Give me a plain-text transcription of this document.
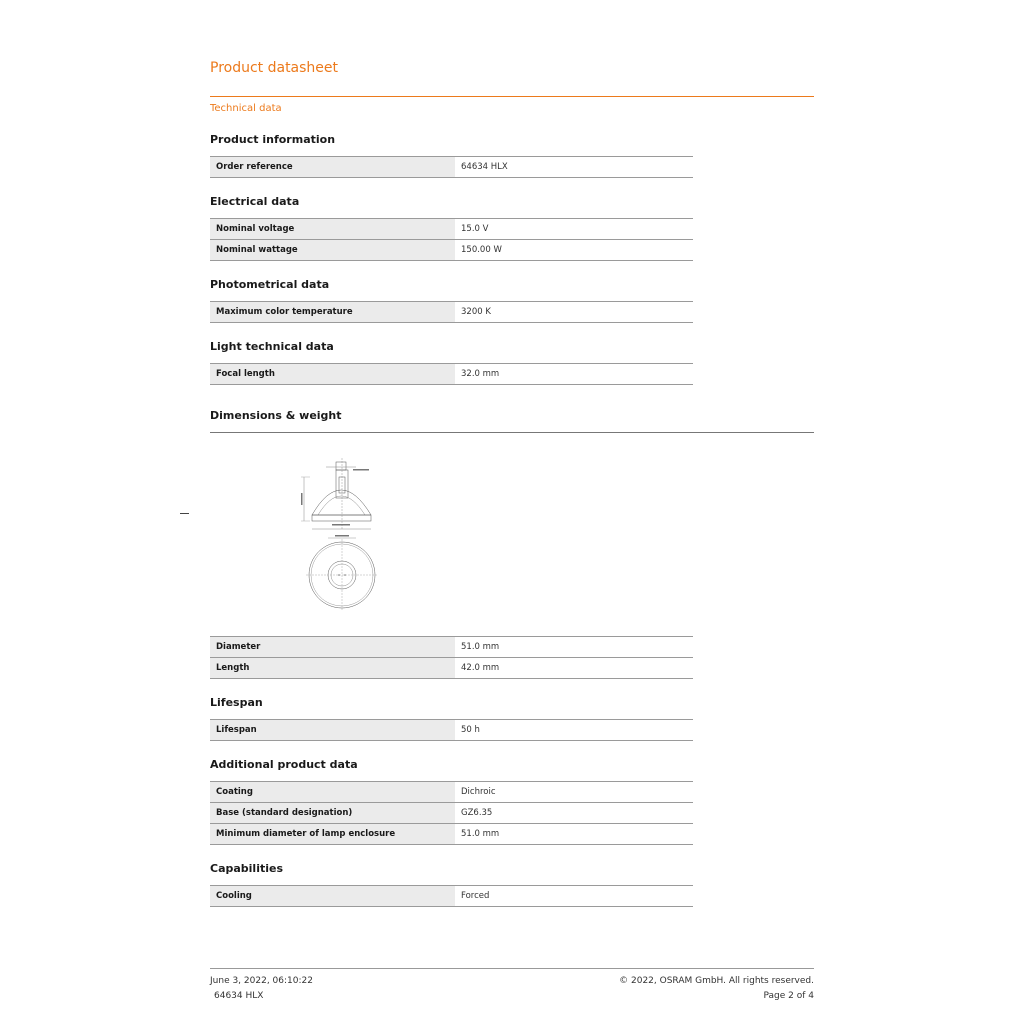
Product datasheet
Technical data
Product information
Order reference	64634 HLX
Electrical data
Nominal voltage	15.0 V
Nominal wattage	150.00 W
Photometrical data
Maximum color temperature	3200 K
Light technical data
Focal length	32.0 mm
Dimensions & weight
Diameter	51.0 mm
Length	42.0 mm
Lifespan
Lifespan	50 h
Additional product data
Coating	Dichroic
Base (standard designation)	GZ6.35
Minimum diameter of lamp enclosure	51.0 mm
Capabilities
Cooling	Forced
June 3, 2022, 06:10:22
64634 HLX
© 2022, OSRAM GmbH. All rights reserved.
Page 2 of 4
